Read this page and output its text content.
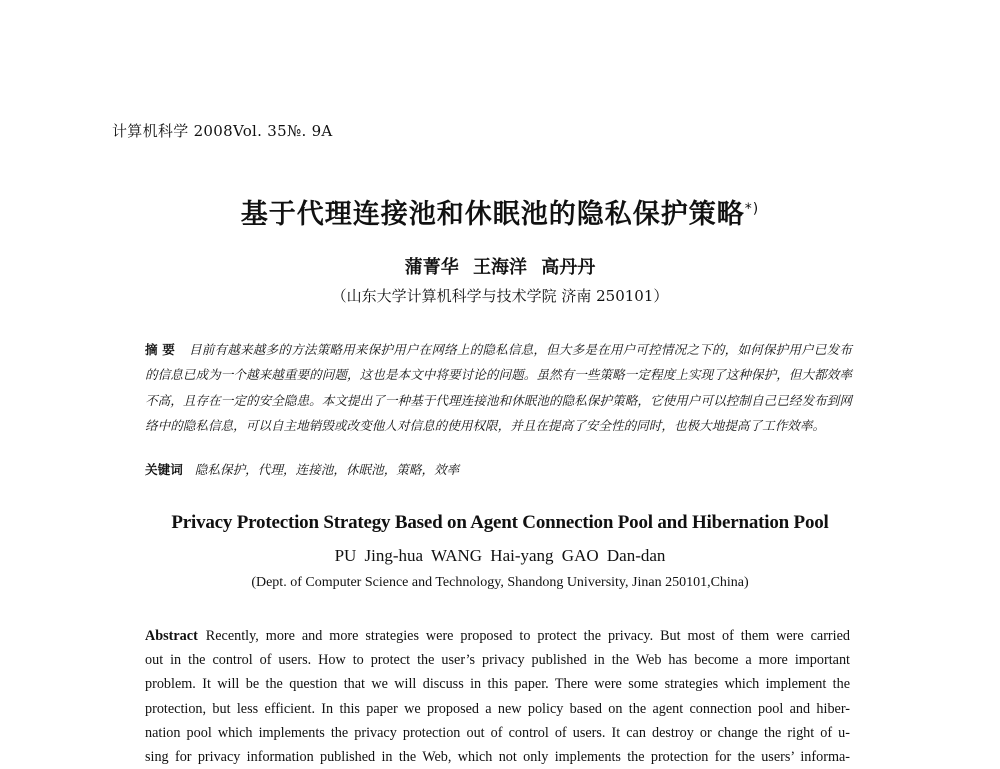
计算机科学 2008Vol. 35№. 9A
基于代理连接池和休眠池的隐私保护策略*)
蒲菁华 王海洋 高丹丹
（山东大学计算机科学与技术学院 济南 250101）
摘 要 目前有越来越多的方法策略用来保护用户在网络上的隐私信息，但大多是在用户可控情况之下的，如何保护用户已发布的信息已成为一个越来越重要的问题，这也是本文中将要讨论的问题。虽然有一些策略一定程度上实现了这种保护，但大都效率不高，且存在一定的安全隐患。本文提出了一种基于代理连接池和休眠池的隐私保护策略，它使用户可以控制自己已经发布到网络中的隐私信息，可以自主地销毁或改变他人对信息的使用权限，并且在提高了安全性的同时，也极大地提高了工作效率。
关键词 隐私保护，代理，连接池，休眠池，策略，效率
Privacy Protection Strategy Based on Agent Connection Pool and Hibernation Pool
PU Jing-hua WANG Hai-yang GAO Dan-dan
(Dept. of Computer Science and Technology, Shandong University, Jinan 250101,China)
Abstract Recently, more and more strategies were proposed to protect the privacy. But most of them were carried
out in the control of users. How to protect the user’s privacy published in the Web has become a more important
problem. It will be the question that we will discuss in this paper. There were some strategies which implement the
protection, but less efficient. In this paper we proposed a new policy based on the agent connection pool and hiber-
nation pool which implements the privacy protection out of control of users. It can destroy or change the right of u-
sing for privacy information published in the Web, which not only implements the protection for the users’ informa-
